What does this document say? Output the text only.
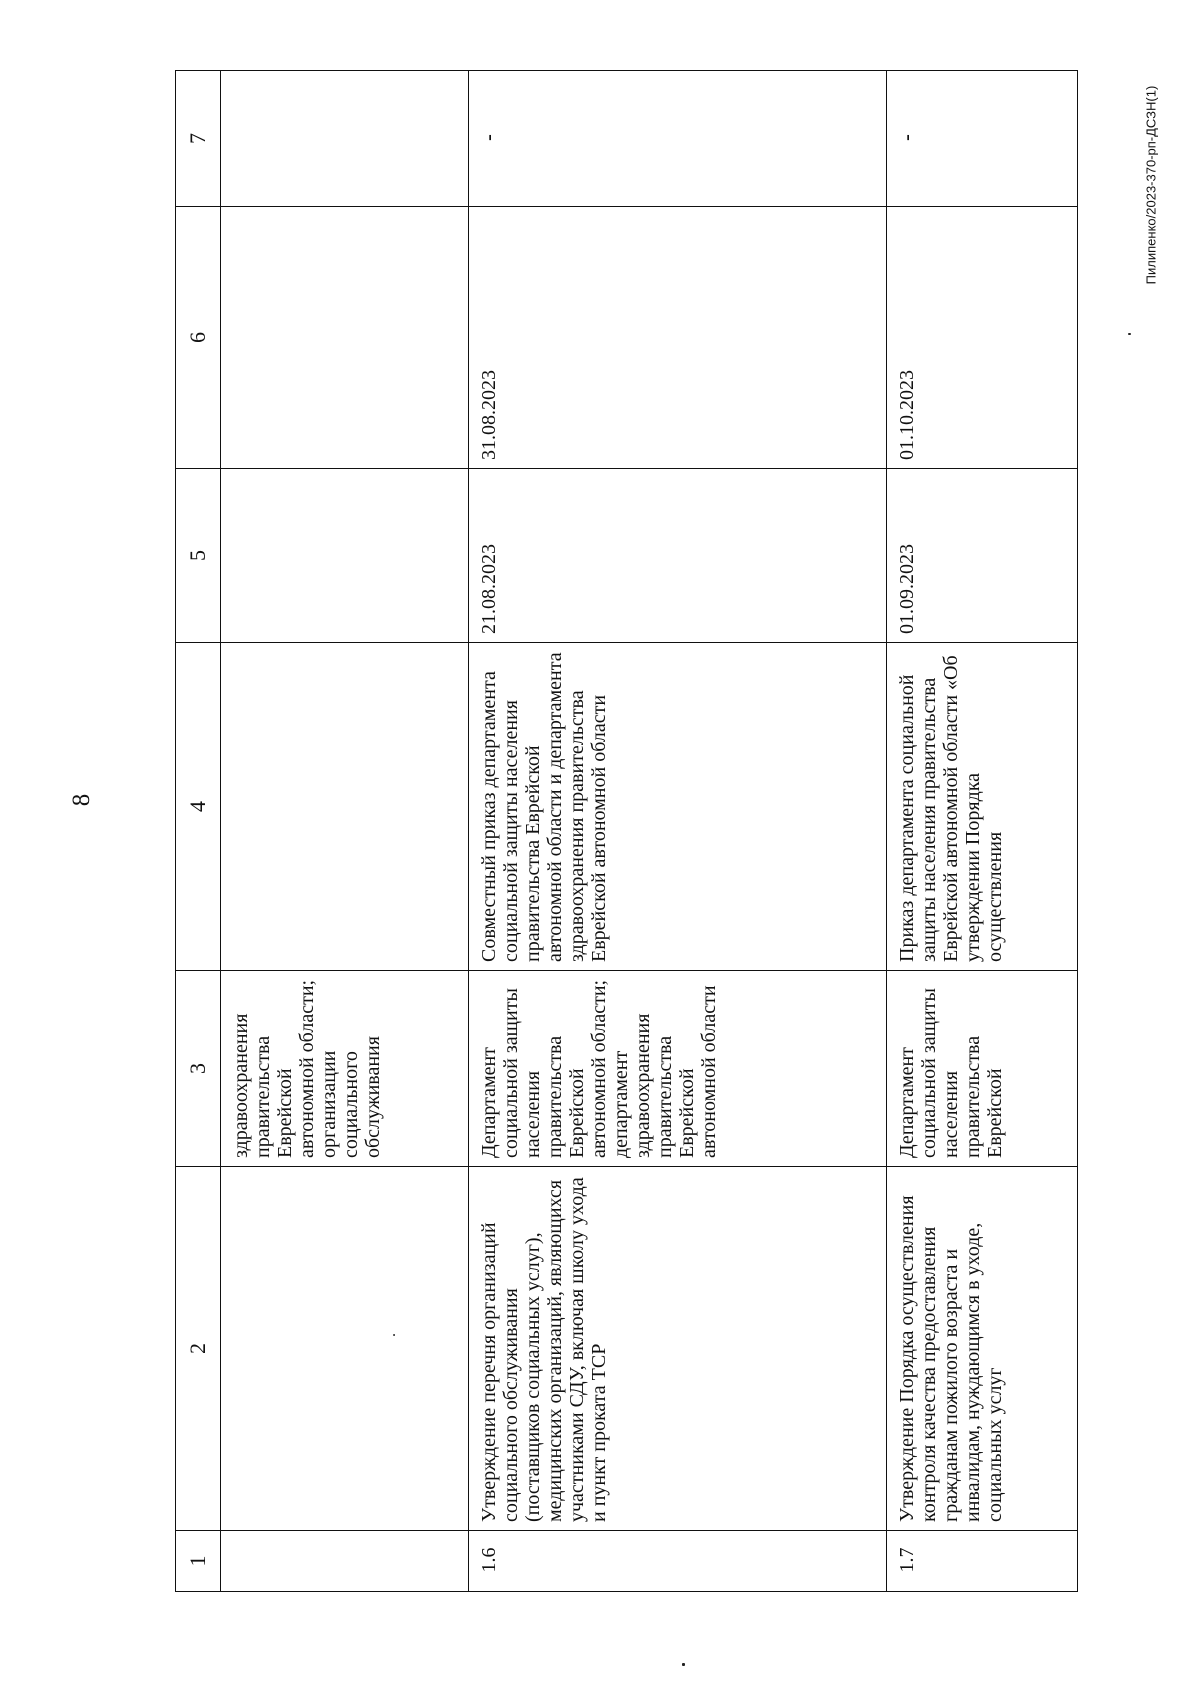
8
Пилипенко/2023-370-рп-ДСЗН(1)
1	2	3	4	5	6	7

	.	здравоохранения правительства Еврейской автономной области; организации социального обслуживания				
1.6	Утверждение перечня организаций социального обслуживания (поставщиков социальных услуг), медицинских организаций, являющихся участниками СДУ, включая школу ухода и пункт проката ТСР	Департамент социальной защиты населения правительства Еврейской автономной области; департамент здравоохранения правительства Еврейской автономной области	Совместный приказ департамента социальной защиты населения правительства Еврейской автономной области и департамента здравоохранения правительства Еврейской автономной области	21.08.2023	31.08.2023	-

1.7	Утверждение Порядка осуществления контроля качества предоставления гражданам пожилого возраста и инвалидам, нуждающимся в уходе, социальных услуг	Департамент социальной защиты населения правительства Еврейской	Приказ департамента социальной защиты населения правительства Еврейской автономной области «Об утверждении Порядка осуществления	01.09.2023	01.10.2023	-
